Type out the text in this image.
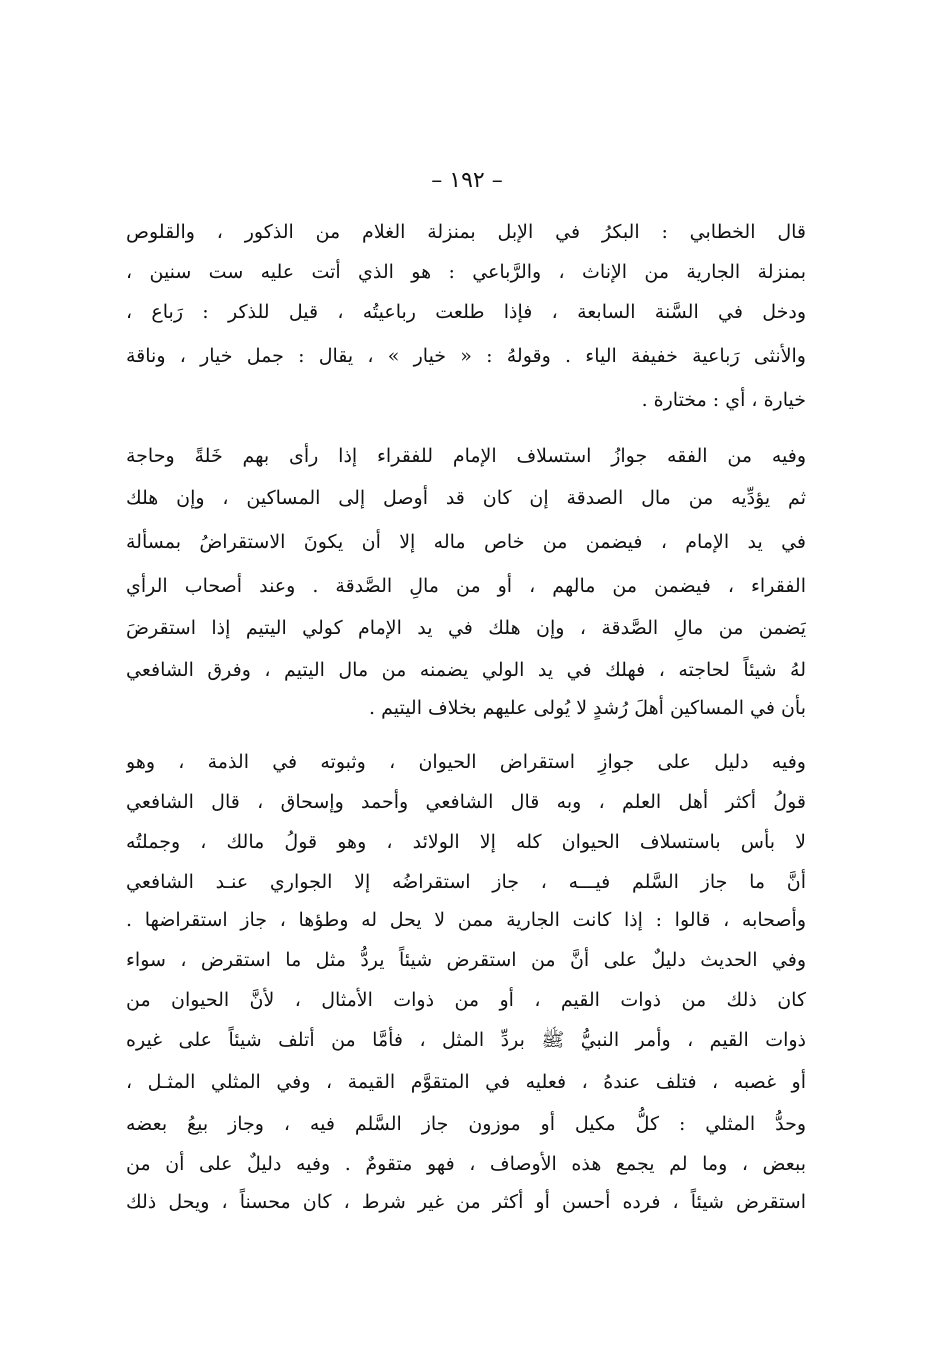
– ١٩٢ –
قال الخطابي : البكرُ في الإبل بمنزلة الغلام من الذكور ، والقلوص
بمنزلة الجارية من الإناث ، والرَّباعي : هو الذي أتت عليه ست سنين ،
ودخل في السَّنة السابعة ، فإذا طلعت رباعيتُه ، قيل للذكر : رَباع ،
والأنثى رَباعية خفيفة الياء . وقولهُ : « خيار » ، يقال : جمل خيار ، وناقة
خيارة ، أي : مختارة .
وفيه من الفقه جوازُ استسلاف الإمام للفقراء إذا رأى بهم خَلةً وحاجة
ثم يؤدِّيه من مال الصدقة إن كان قد أوصل إلى المساكين ، وإن هلك
في يد الإمام ، فيضمن من خاص ماله إلا أن يكونَ الاستقراضُ بمسألة
الفقراء ، فيضمن من مالهم ، أو من مالِ الصَّدقة . وعند أصحاب الرأي
يَضمن من مالِ الصَّدقة ، وإن هلك في يد الإمام كولي اليتيم إذا استقرضَ
لهُ شيئاً لحاجته ، فهلك في يد الولي يضمنه من مال اليتيم ، وفرق الشافعي
بأن في المساكين أهلَ رُشدٍ لا يُولى عليهم بخلاف اليتيم .
وفيه دليل على جوازِ استقراض الحيوان ، وثبوته في الذمة ، وهو
قولُ أكثر أهل العلم ، وبه قال الشافعي وأحمد وإسحاق ، قال الشافعي
لا بأس باستسلاف الحيوان كله إلا الولائد ، وهو قولُ مالك ، وجملتُه
أنَّ ما جاز السَّلم فيـــه ، جاز استقراضُه إلا الجواري عنـد الشافعي
وأصحابه ، قالوا : إذا كانت الجارية ممن لا يحل له وطؤها ، جاز استقراضها .
وفي الحديث دليلٌ على أنَّ من استقرض شيئاً يردُّ مثل ما استقرض ، سواء
كان ذلك من ذوات القيم ، أو من ذوات الأمثال ، لأنَّ الحيوان من
ذوات القيم ، وأمر النبيُّ ﷺ بردِّ المثل ، فأمَّا من أتلف شيئاً على غيره
أو غصبه ، فتلف عندهُ ، فعليه في المتقوَّم القيمة ، وفي المثلي المثـل ،
وحدُّ المثلي : كلُّ مكيل أو موزون جاز السَّلم فيه ، وجاز بيعُ بعضه
ببعض ، وما لم يجمع هذه الأوصاف ، فهو متقومٌ . وفيه دليلٌ على أن من
استقرض شيئاً ، فرده أحسن أو أكثر من غير شرط ، كان محسناً ، ويحل ذلك
